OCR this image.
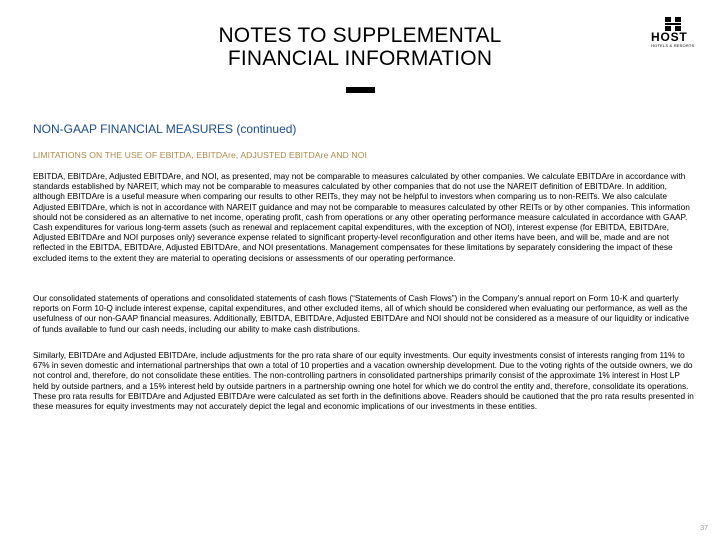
NOTES TO SUPPLEMENTAL
FINANCIAL INFORMATION
HOST
HOTELS & RESORTS
NON-GAAP FINANCIAL MEASURES (continued)
LIMITATIONS ON THE USE OF EBITDA, EBITDAre, ADJUSTED EBITDAre AND NOI
EBITDA, EBITDAre, Adjusted EBITDAre, and NOI, as presented, may not be comparable to measures calculated by other companies. We calculate EBITDAre in accordance with standards established by NAREIT, which may not be comparable to measures calculated by other companies that do not use the NAREIT definition of EBITDAre. In addition, although EBITDAre is a useful measure when comparing our results to other REITs, they may not be helpful to investors when comparing us to non-REITs. We also calculate Adjusted EBITDAre, which is not in accordance with NAREIT guidance and may not be comparable to measures calculated by other REITs or by other companies. This information should not be considered as an alternative to net income, operating profit, cash from operations or any other operating performance measure calculated in accordance with GAAP. Cash expenditures for various long-term assets (such as renewal and replacement capital expenditures, with the exception of NOI), interest expense (for EBITDA, EBITDAre, Adjusted EBITDAre and NOI purposes only) severance expense related to significant property-level reconfiguration and other items have been, and will be, made and are not reflected in the EBITDA, EBITDAre, Adjusted EBITDAre, and NOI presentations. Management compensates for these limitations by separately considering the impact of these excluded items to the extent they are material to operating decisions or assessments of our operating performance.
Our consolidated statements of operations and consolidated statements of cash flows (“Statements of Cash Flows”) in the Company’s annual report on Form 10-K and quarterly reports on Form 10-Q include interest expense, capital expenditures, and other excluded items, all of which should be considered when evaluating our performance, as well as the usefulness of our non-GAAP financial measures. Additionally, EBITDA, EBITDAre, Adjusted EBITDAre and NOI should not be considered as a measure of our liquidity or indicative of funds available to fund our cash needs, including our ability to make cash distributions.
Similarly, EBITDAre and Adjusted EBITDAre, include adjustments for the pro rata share of our equity investments. Our equity investments consist of interests ranging from 11% to 67% in seven domestic and international partnerships that own a total of 10 properties and a vacation ownership development. Due to the voting rights of the outside owners, we do not control and, therefore, do not consolidate these entities. The non-controlling partners in consolidated partnerships primarily consist of the approximate 1% interest in Host LP held by outside partners, and a 15% interest held by outside partners in a partnership owning one hotel for which we do control the entity and, therefore, consolidate its operations. These pro rata results for EBITDAre and Adjusted EBITDAre were calculated as set forth in the definitions above. Readers should be cautioned that the pro rata results presented in these measures for equity investments may not accurately depict the legal and economic implications of our investments in these entities.
37
